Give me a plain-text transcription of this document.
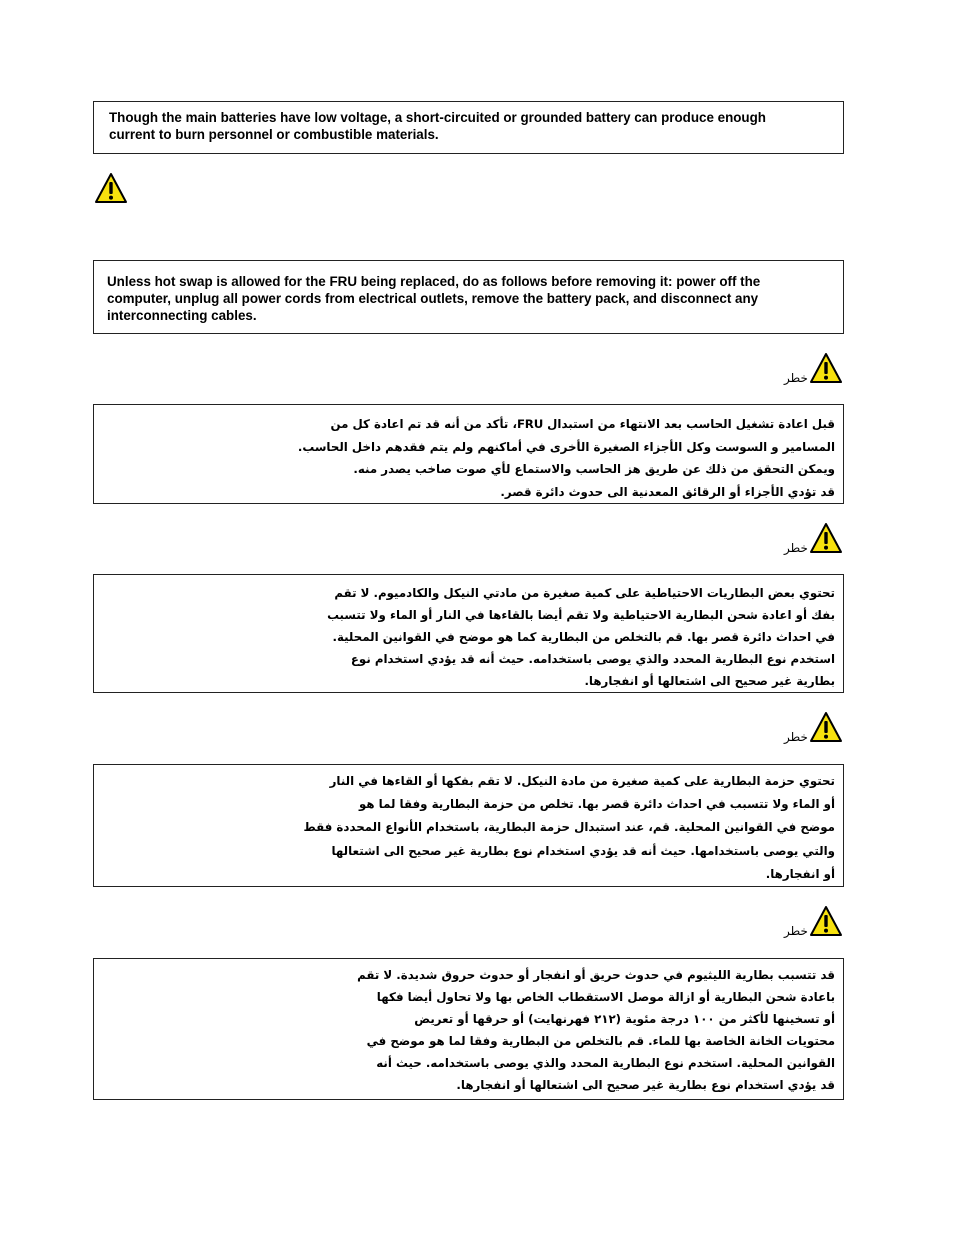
Though the main batteries have low voltage, a short-circuited or grounded battery can produce enough
current to burn personnel or combustible materials.
Unless hot swap is allowed for the FRU being replaced, do as follows before removing it: power off the
computer, unplug all power cords from electrical outlets, remove the battery pack, and disconnect any
interconnecting cables.
خطر
قبل اعادة تشغيل الحاسب بعد الانتهاء من استبدال FRU، تأكد من أنه قد تم اعادة كل من
المسامير و السوست وكل الأجزاء الصغيرة الأخرى في أماكنهم ولم يتم فقدهم داخل الحاسب.
ويمكن التحقق من ذلك عن طريق هز الحاسب والاستماع لأي صوت صاخب يصدر منه.
قد تؤدي الأجزاء أو الرقائق المعدنية الى حدوث دائرة قصر.
خطر
تحتوي بعض البطاريات الاحتياطية على كمية صغيرة من مادتي النيكل والكادميوم. لا تقم
بفك أو اعادة شحن البطارية الاحتياطية ولا تقم أيضا بالقاءها في النار أو الماء ولا تتسبب
في احداث دائرة قصر بها. قم بالتخلص من البطارية كما هو موضح في القوانين المحلية.
استخدم نوع البطارية المحدد والذي يوصى باستخدامه. حيث أنه قد يؤدي استخدام نوع
بطارية غير صحيح الى اشتعالها أو انفجارها.
خطر
تحتوي حزمة البطارية على كمية صغيرة من مادة النيكل. لا تقم بفكها أو القاءها في النار
أو الماء ولا تتسبب في احداث دائرة قصر بها. تخلص من حزمة البطارية وفقا لما هو
موضح في القوانين المحلية. قم، عند استبدال حزمة البطارية، باستخدام الأنواع المحددة فقط
والتي يوصى باستخدامها. حيث أنه قد يؤدي استخدام نوع بطارية غير صحيح الى اشتعالها
أو انفجارها.
خطر
قد تتسبب بطارية الليثيوم في حدوث حريق أو انفجار أو حدوث حروق شديدة. لا تقم
باعادة شحن البطارية أو ازالة موصل الاستقطاب الخاص بها ولا تحاول أيضا فكها
أو تسخينها لأكثر من ١٠٠ درجة مئوية (٢١٢ فهرنهايت) أو حرقها أو تعريض
محتويات الخانة الخاصة بها للماء. قم بالتخلص من البطارية وفقا لما هو موضح في
القوانين المحلية. استخدم نوع البطارية المحدد والذي يوصى باستخدامه. حيث أنه
قد يؤدي استخدام نوع بطارية غير صحيح الى اشتعالها أو انفجارها.
